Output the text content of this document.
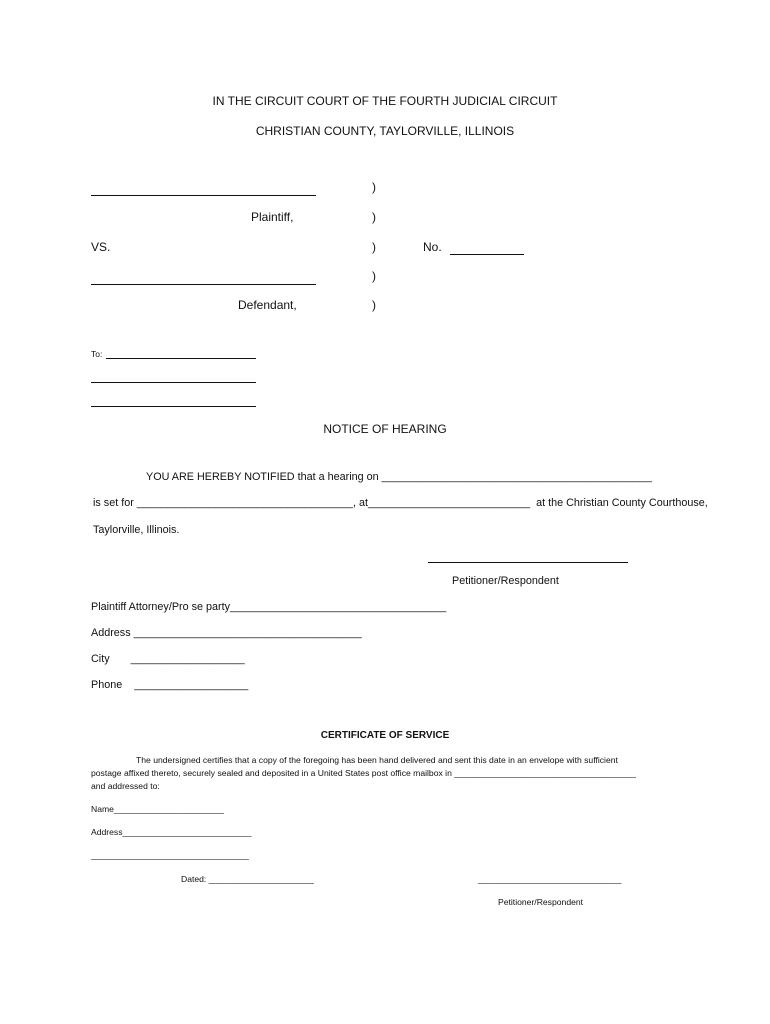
IN THE CIRCUIT COURT OF THE FOURTH JUDICIAL CIRCUIT
CHRISTIAN COUNTY, TAYLORVILLE, ILLINOIS
)
Plaintiff,	)
VS.	)	No.
)
Defendant,	)
To:
NOTICE OF HEARING
YOU ARE HEREBY NOTIFIED that a hearing on _____________________________________________
is set for ____________________________________, at___________________________  at the Christian County Courthouse,
Taylorville, Illinois.
Petitioner/Respondent
Plaintiff Attorney/Pro se party____________________________________
Address ______________________________________
City       ___________________
Phone    ___________________
CERTIFICATE OF SERVICE
The undersigned certifies that a copy of the foregoing has been hand delivered and sent this date in an envelope with sufficient
postage affixed thereto, securely sealed and deposited in a United States post office mailbox in ______________________________________
and addressed to:
Name_______________________
Address___________________________
_________________________________
Dated: ______________________	______________________________
Petitioner/Respondent
